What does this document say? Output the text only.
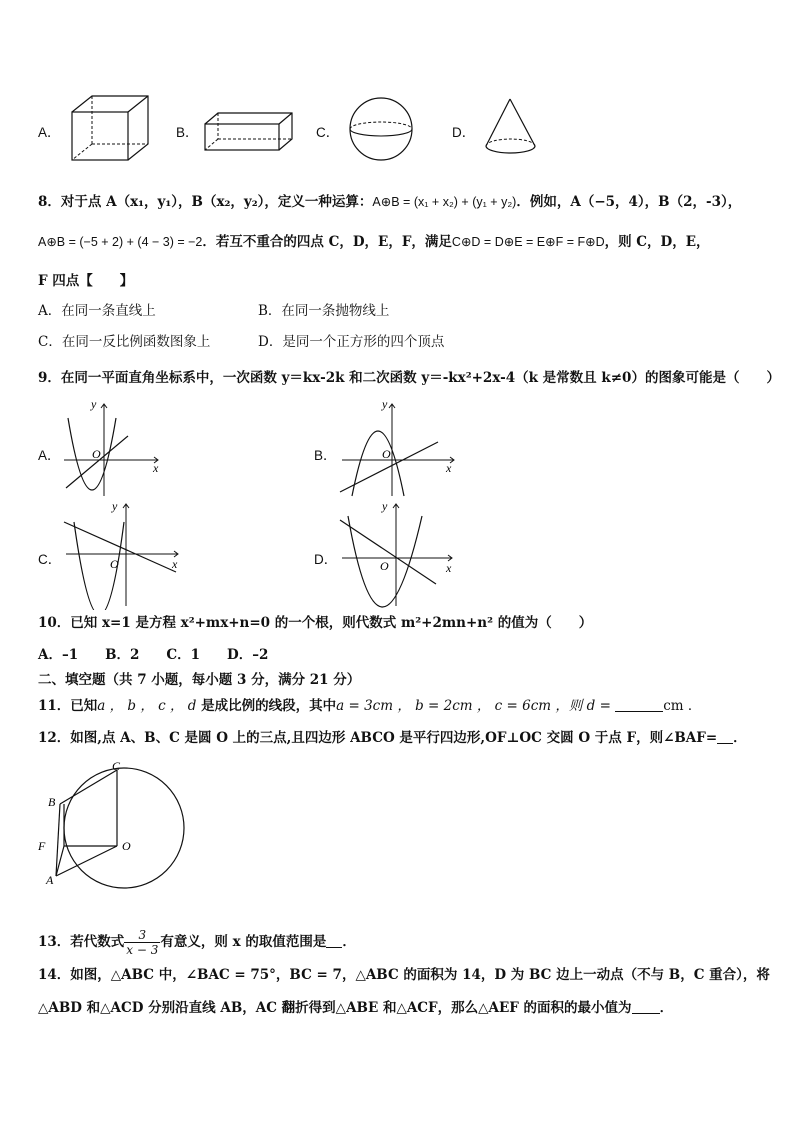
A．	B．	C．	D．
8．对于点 A（x₁，y₁），B（x₂，y₂），定义一种运算：A⊕B = (x₁ + x₂) + (y₁ + y₂)．例如，A（−5，4），B（2，-3），
A⊕B = (−5 + 2) + (4 − 3) = −2．若互不重合的四点 C，D，E，F，满足C⊕D = D⊕E = E⊕F = F⊕D，则 C，D，E，
F 四点【　　】
A．在同一条直线上	B．在同一条抛物线上
C．在同一反比例函数图象上	D．是同一个正方形的四个顶点
9．在同一平面直角坐标系中，一次函数 y＝kx-2k 和二次函数 y＝-kx²+2x-4（k 是常数且 k≠0）的图象可能是（　　）
A．
y
x
O	B．
y
x
O
C．
y
x
O	D．
y
x
O
10．已知 x=1 是方程 x²+mx+n=0 的一个根，则代数式 m²+2mn+n² 的值为（　　）
A．–1　　B．2　　C．1　　D．–2
二、填空题（共 7 小题，每小题 3 分，满分 21 分）
11．已知a ， b ， c ， d 是成比例的线段，其中a = 3cm ， b = 2cm ， c = 6cm ，则 d =	cm ．
12．如图,点 A、B、C 是圆 O 上的三点,且四边形 ABCO 是平行四边形,OF⊥OC 交圆 O 于点 F，则∠BAF= ．
C
B
F	O
A
13．若代数式 $\frac{3}{x - 3}$ 有意义，则 x 的取值范围是 ．
14．如图，△ABC 中，∠BAC = 75°，BC = 7，△ABC 的面积为 14，D 为 BC 边上一动点（不与 B，C 重合），将
△ABD 和△ACD 分别沿直线 AB，AC 翻折得到△ABE 和△ACF，那么△AEF 的面积的最小值为 ．
